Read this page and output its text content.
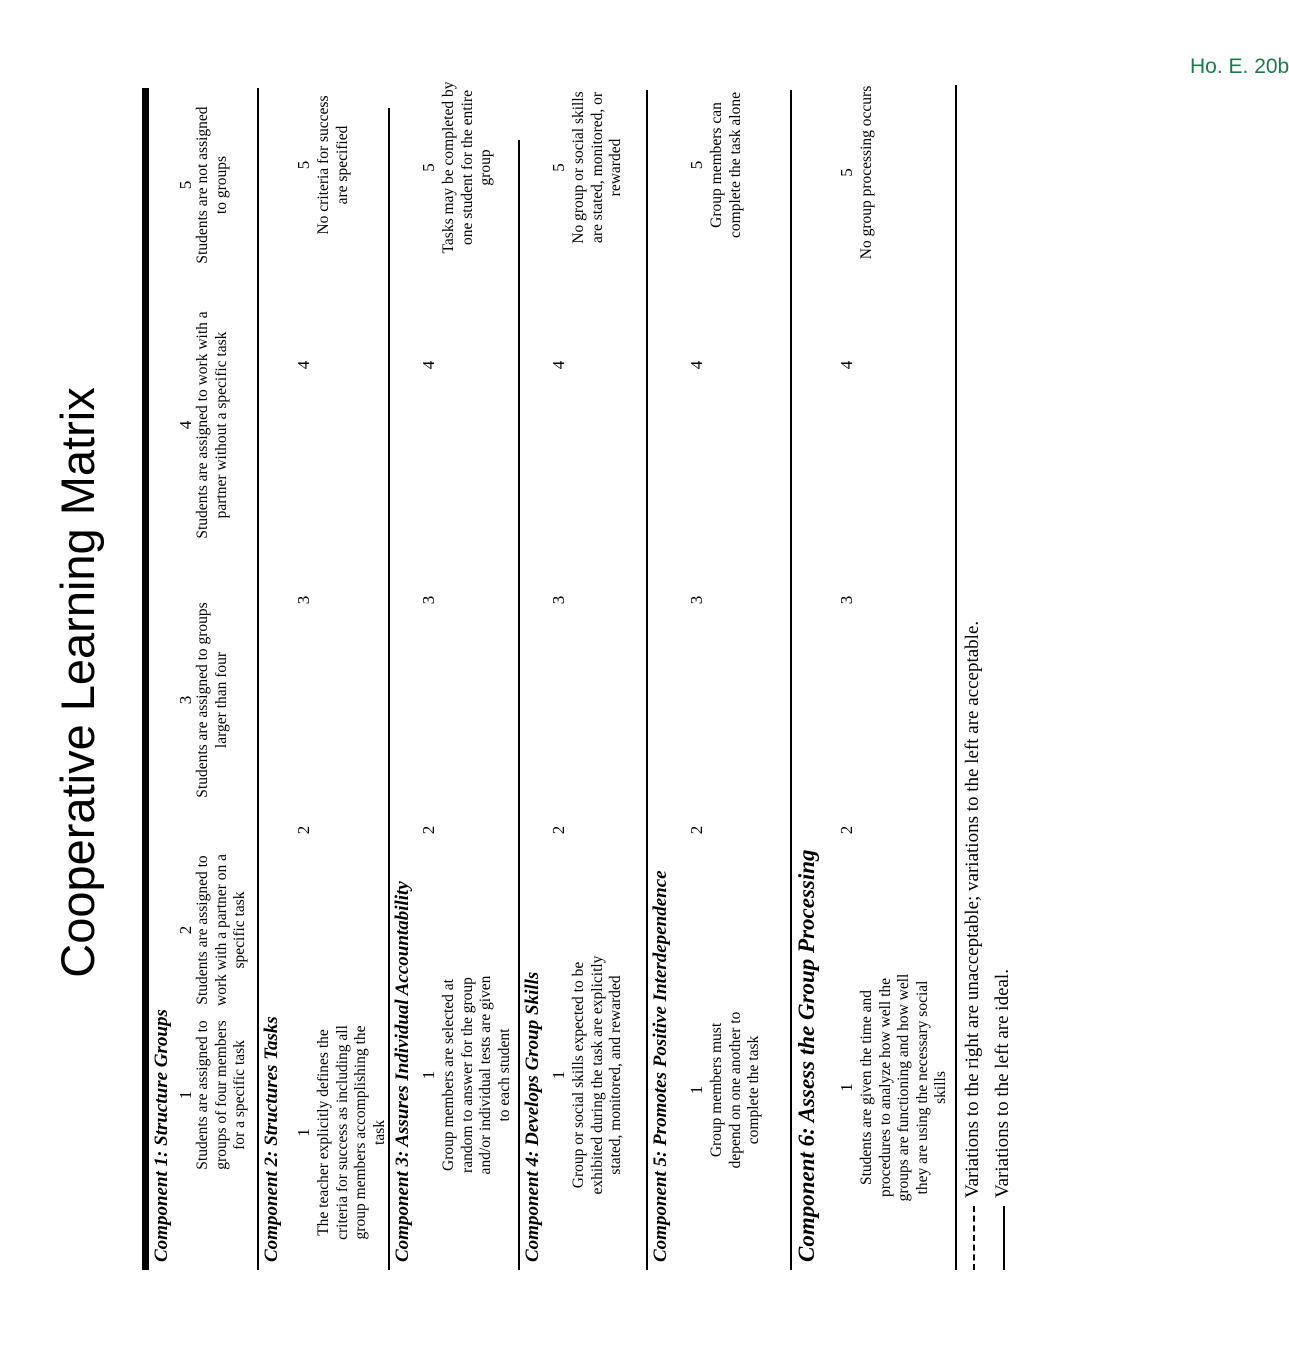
Cooperative Learning Matrix
Component 1: Structure Groups 1 Students are assigned to groups of four members for a specific task
2 Students are assigned to work with a partner on a specific task
3 Students are assigned to groups larger than four
4 Students are assigned to work with a partner without a specific task
5 Students are not assigned to groups
Component 2: Structures Tasks 1 The teacher explicitly defines the criteria for success as including all group members accomplishing the task
2
3
4
5 No criteria for success are specified
Component 3: Assures Individual Accountability 1 Group members are selected at random to answer for the group and/or individual tests are given to each student
2
3
4
5 Tasks may be completed by one student for the entire group
Component 4: Develops Group Skills 1 Group or social skills expected to be exhibited during the task are explicitly stated, monitored, and rewarded
2
3
4
5 No group or social skills are stated, monitored, or rewarded
Component 5: Promotes Positive Interdependence 1 Group members must depend on one another to complete the task
2
3
4
5 Group members can complete the task alone
Component 6: Assess the Group Processing 1 Students are given the time and procedures to analyze how well the groups are functioning and how well they are using the necessary social skills
2
3
4
5 No group processing occurs
Variations to the right are unacceptable; variations to the left are acceptable. Variations to the left are ideal.
Ho. E. 20b
